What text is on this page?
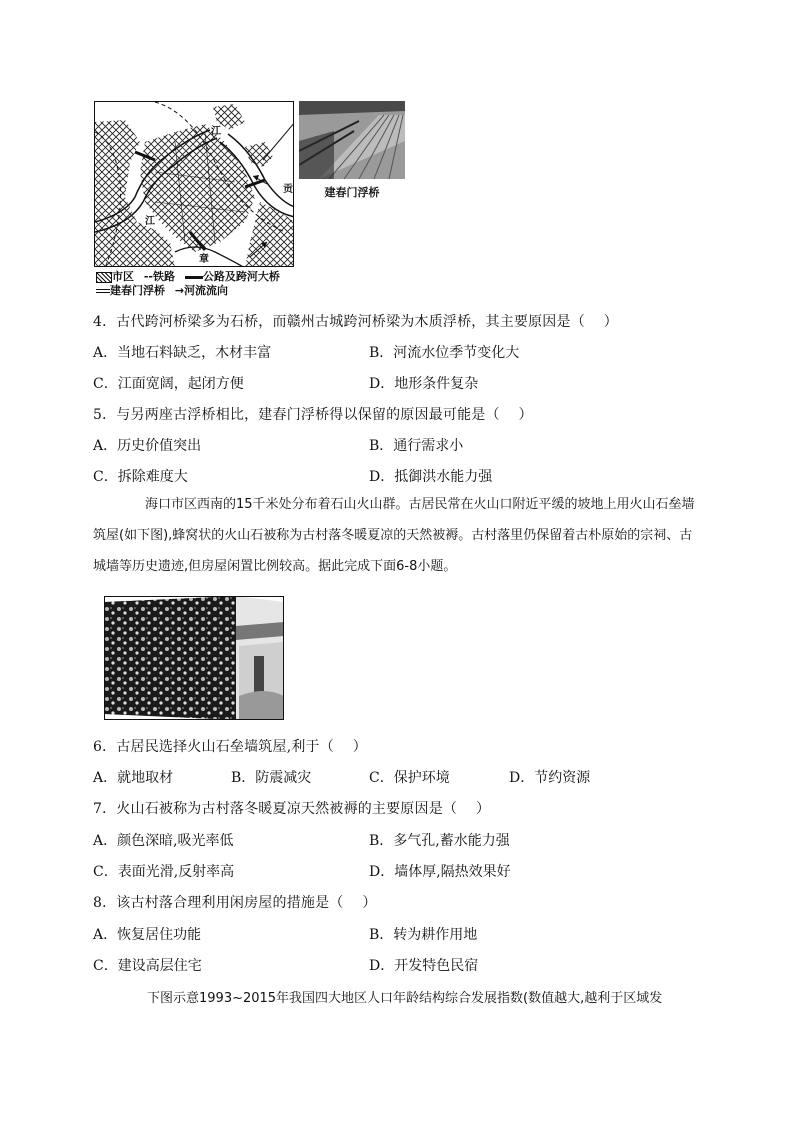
江
贡
江
章
市区 --铁路	公路及跨河大桥
建春门浮桥 →河流流向
建春门浮桥
4．古代跨河桥梁多为石桥，而赣州古城跨河桥梁为木质浮桥，其主要原因是（　 ）
A．当地石料缺乏，木材丰富	B．河流水位季节变化大
C．江面宽阔，起闭方便	D．地形条件复杂
5．与另两座古浮桥相比，建春门浮桥得以保留的原因最可能是（　 ）
A．历史价值突出	B．通行需求小
C．拆除难度大	D．抵御洪水能力强
海口市区西南的15千米处分布着石山火山群。古居民常在火山口附近平缓的坡地上用火山石垒墙筑屋(如下图),蜂窝状的火山石被称为古村落冬暖夏凉的天然被褥。古村落里仍保留着古朴原始的宗祠、古城墙等历史遗迹,但房屋闲置比例较高。据此完成下面6-8小题。
6．古居民选择火山石垒墙筑屋,利于（　 ）
A．就地取材	B．防震减灾	C．保护环境	D．节约资源
7．火山石被称为古村落冬暖夏凉天然被褥的主要原因是（　 ）
A．颜色深暗,吸光率低	B．多气孔,蓄水能力强
C．表面光滑,反射率高	D．墙体厚,隔热效果好
8．该古村落合理利用闲房屋的措施是（　 ）
A．恢复居住功能	B．转为耕作用地
C．建设高层住宅	D．开发特色民宿
下图示意1993~2015年我国四大地区人口年龄结构综合发展指数(数值越大,越利于区域发
